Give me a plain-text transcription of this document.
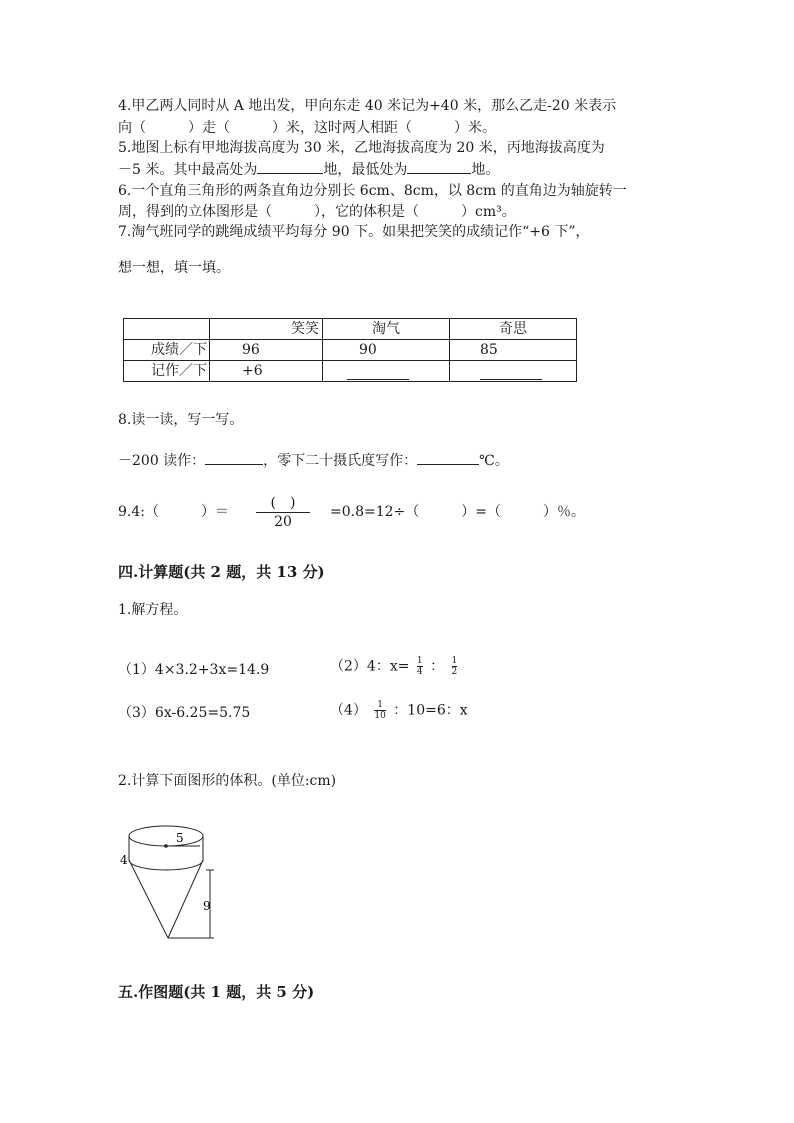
4.甲乙两人同时从 A 地出发，甲向东走 40 米记为+40 米，那么乙走-20 米表示
向（　　　）走（　　　）米，这时两人相距（　　　）米。
5.地图上标有甲地海拔高度为 30 米，乙地海拔高度为 20 米，丙地海拔高度为
－5 米。其中最高处为	地，最低处为	地。
6.一个直角三角形的两条直角边分别长 6cm、8cm，以 8cm 的直角边为轴旋转一
周，得到的立体图形是（　　　），它的体积是（　　　）cm³。
7.淘气班同学的跳绳成绩平均每分 90 下。如果把笑笑的成绩记作“+6 下”，
想一想，填一填。
	笑笑	淘气	奇思
成绩／下	96	90	85
记作／下	+6	

8.读一读，写一写。
－200 读作：	，零下二十摄氏度写作：	℃。
9.4:（　　　）＝
(　)
20
=0.8=12÷（　　　）=（　　　）％。
四.计算题(共 2 题，共 13 分)
1.解方程。
（1）4×3.2+3x=14.9	（2）4：$x= \frac{1}{4}$ ： $\frac{1}{2}$
（3）6x-6.25=5.75	$(4) \frac{1}{10}$ ：10=6：x
2.计算下面图形的体积。(单位:cm)
5
4
9
五.作图题(共 1 题，共 5 分)
